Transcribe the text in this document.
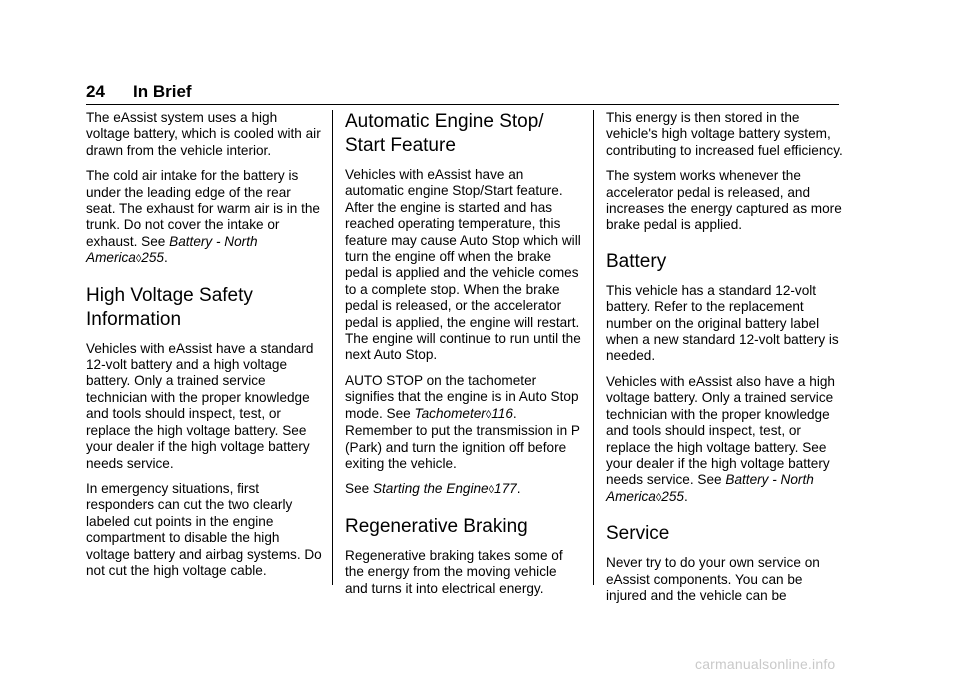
24 In Brief

The eAssist system uses a high voltage battery, which is cooled with air drawn from the vehicle interior.

The cold air intake for the battery is under the leading edge of the rear seat. The exhaust for warm air is in the trunk. Do not cover the intake or exhaust. See Battery - North America◊255.

High Voltage Safety Information

Vehicles with eAssist have a standard 12-volt battery and a high voltage battery. Only a trained service technician with the proper knowledge and tools should inspect, test, or replace the high voltage battery. See your dealer if the high voltage battery needs service.

In emergency situations, first responders can cut the two clearly labeled cut points in the engine compartment to disable the high voltage battery and airbag systems. Do not cut the high voltage cable.

Automatic Engine Stop/ Start Feature

Vehicles with eAssist have an automatic engine Stop/Start feature. After the engine is started and has reached operating temperature, this feature may cause Auto Stop which will turn the engine off when the brake pedal is applied and the vehicle comes to a complete stop. When the brake pedal is released, or the accelerator pedal is applied, the engine will restart. The engine will continue to run until the next Auto Stop.

AUTO STOP on the tachometer signifies that the engine is in Auto Stop mode. See Tachometer◊116. Remember to put the transmission in P (Park) and turn the ignition off before exiting the vehicle.

See Starting the Engine◊177.

Regenerative Braking

Regenerative braking takes some of the energy from the moving vehicle and turns it into electrical energy.

This energy is then stored in the vehicle's high voltage battery system, contributing to increased fuel efficiency.

The system works whenever the accelerator pedal is released, and increases the energy captured as more brake pedal is applied.

Battery

This vehicle has a standard 12-volt battery. Refer to the replacement number on the original battery label when a new standard 12-volt battery is needed.

Vehicles with eAssist also have a high voltage battery. Only a trained service technician with the proper knowledge and tools should inspect, test, or replace the high voltage battery. See your dealer if the high voltage battery needs service. See Battery - North America◊255.

Service

Never try to do your own service on eAssist components. You can be injured and the vehicle can be

carmanualsonline.info
